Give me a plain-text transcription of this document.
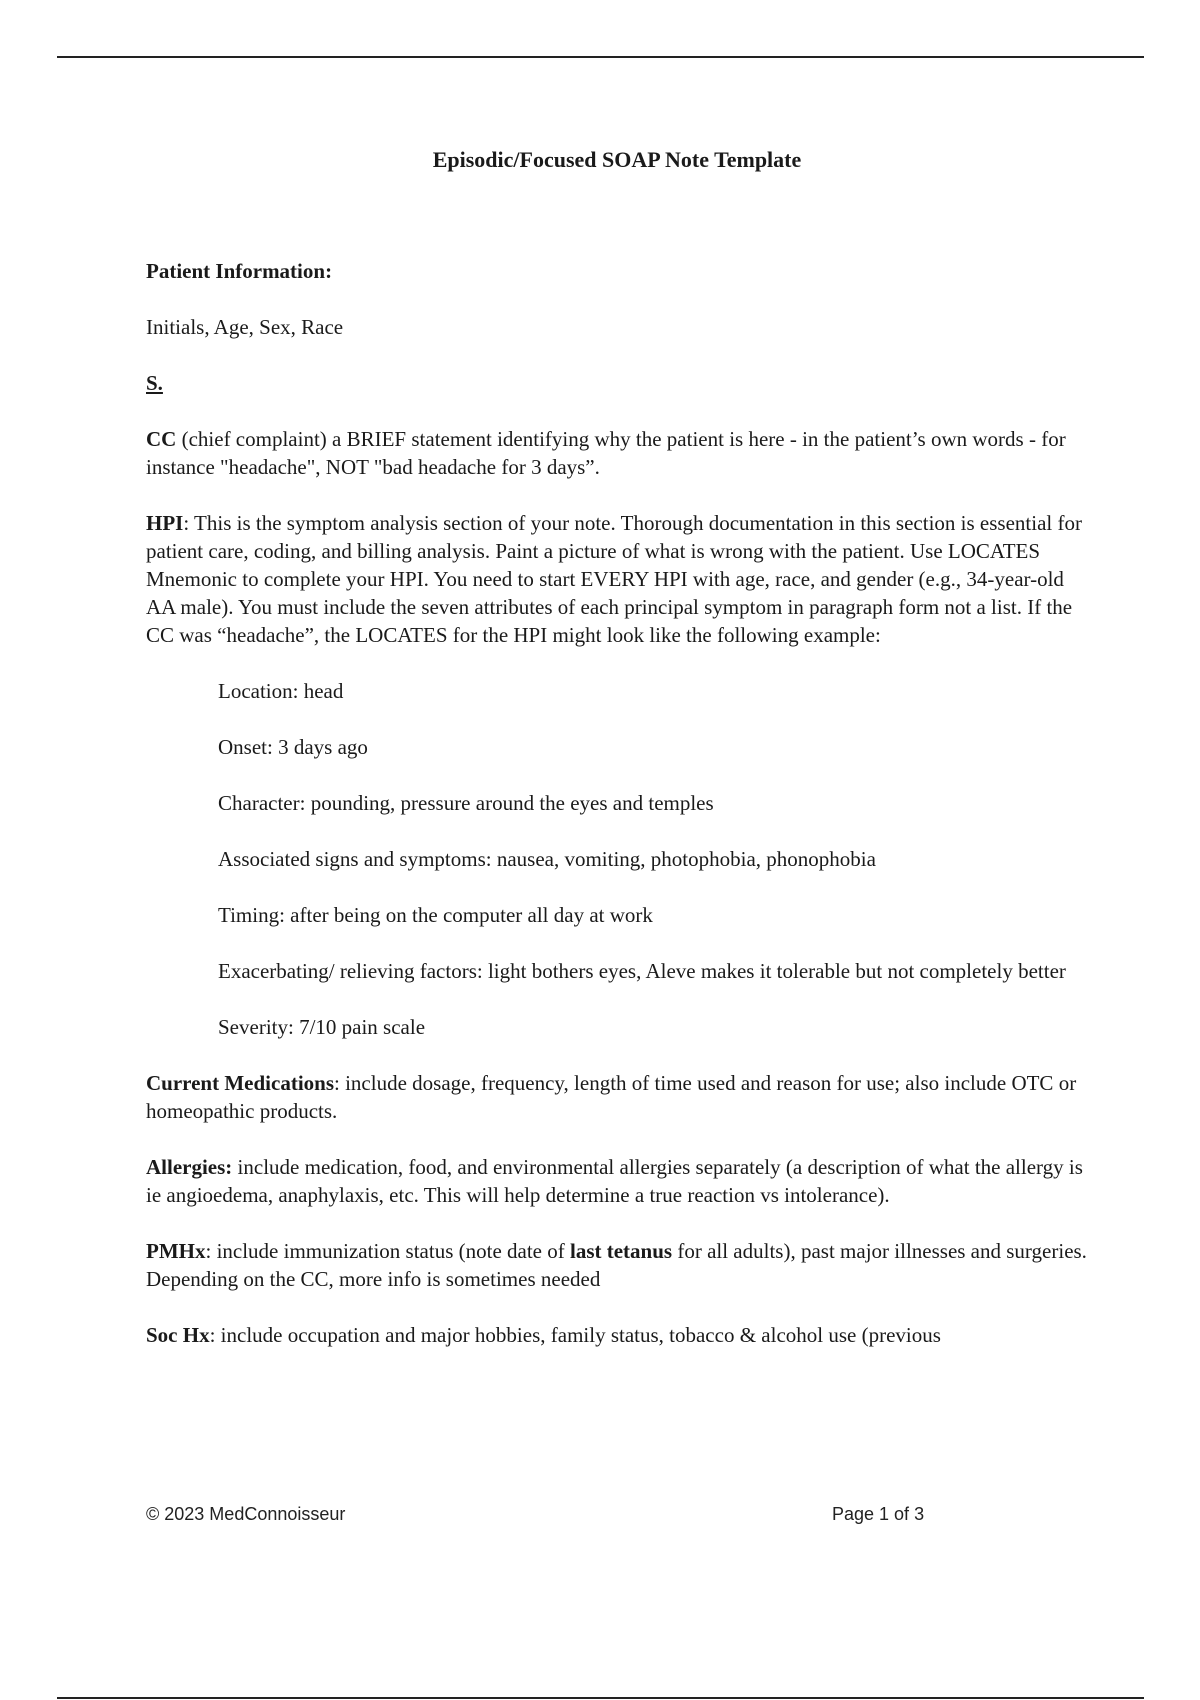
Episodic/Focused SOAP Note Template

Patient Information:

Initials, Age, Sex, Race

S.

CC (chief complaint) a BRIEF statement identifying why the patient is here - in the patient’s own words - for instance "headache", NOT "bad headache for 3 days”.

HPI: This is the symptom analysis section of your note. Thorough documentation in this section is essential for patient care, coding, and billing analysis. Paint a picture of what is wrong with the patient. Use LOCATES Mnemonic to complete your HPI. You need to start EVERY HPI with age, race, and gender (e.g., 34-year-old AA male). You must include the seven attributes of each principal symptom in paragraph form not a list. If the CC was “headache”, the LOCATES for the HPI might look like the following example:

Location: head

Onset: 3 days ago

Character: pounding, pressure around the eyes and temples

Associated signs and symptoms: nausea, vomiting, photophobia, phonophobia

Timing: after being on the computer all day at work

Exacerbating/ relieving factors: light bothers eyes, Aleve makes it tolerable but not completely better

Severity: 7/10 pain scale

Current Medications: include dosage, frequency, length of time used and reason for use; also include OTC or homeopathic products.

Allergies: include medication, food, and environmental allergies separately (a description of what the allergy is ie angioedema, anaphylaxis, etc. This will help determine a true reaction vs intolerance).

PMHx: include immunization status (note date of last tetanus for all adults), past major illnesses and surgeries. Depending on the CC, more info is sometimes needed

Soc Hx: include occupation and major hobbies, family status, tobacco & alcohol use (previous

© 2023 MedConnoisseur	Page 1 of 3
